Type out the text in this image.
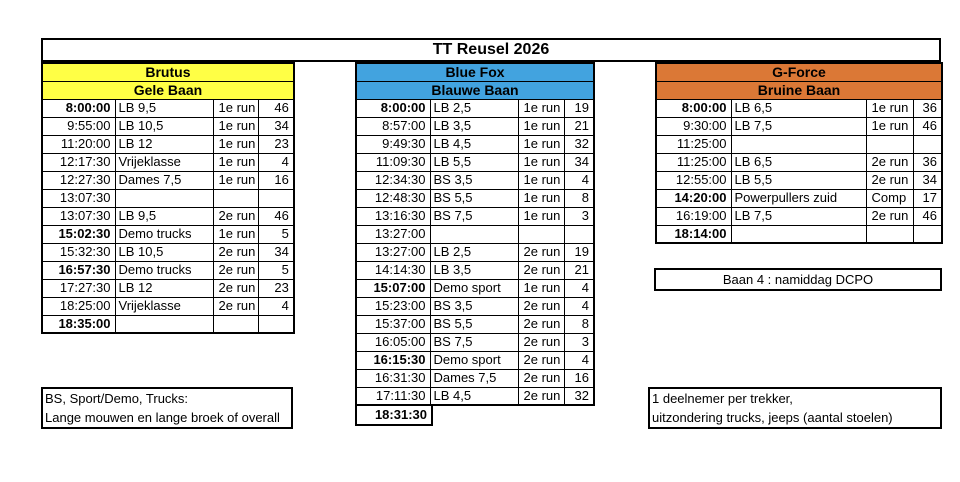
TT Reusel 2026
Brutus			
Gele Baan			
8:00:00	LB 9,5	1e run	46
9:55:00	LB 10,5	1e run	34
11:20:00	LB 12	1e run	23
12:17:30	Vrijeklasse	1e run	4
12:27:30	Dames 7,5	1e run	16
13:07:30			
13:07:30	LB 9,5	2e run	46
15:02:30	Demo trucks	1e run	5
15:32:30	LB 10,5	2e run	34
16:57:30	Demo trucks	2e run	5
17:27:30	LB 12	2e run	23
18:25:00	Vrijeklasse	2e run	4
18:35:00			
Blue Fox			
Blauwe Baan			
8:00:00	LB 2,5	1e run	19
8:57:00	LB 3,5	1e run	21
9:49:30	LB 4,5	1e run	32
11:09:30	LB 5,5	1e run	34
12:34:30	BS 3,5	1e run	4
12:48:30	BS 5,5	1e run	8
13:16:30	BS 7,5	1e run	3
13:27:00			
13:27:00	LB 2,5	2e run	19
14:14:30	LB 3,5	2e run	21
15:07:00	Demo sport	1e run	4
15:23:00	BS 3,5	2e run	4
15:37:00	BS 5,5	2e run	8
16:05:00	BS 7,5	2e run	3
16:15:30	Demo sport	2e run	4
16:31:30	Dames 7,5	2e run	16
17:11:30	LB 4,5	2e run	32
18:31:30
G-Force			
Bruine Baan			
8:00:00	LB 6,5	1e run	36
9:30:00	LB 7,5	1e run	46
11:25:00			
11:25:00	LB 6,5	2e run	36
12:55:00	LB 5,5	2e run	34
14:20:00	Powerpullers zuid	Comp	17
16:19:00	LB 7,5	2e run	46
18:14:00			
Baan 4 : namiddag DCPO
BS, Sport/Demo, Trucks:
Lange mouwen en lange broek of overall
1 deelnemer per trekker,
uitzondering trucks, jeeps (aantal stoelen)
